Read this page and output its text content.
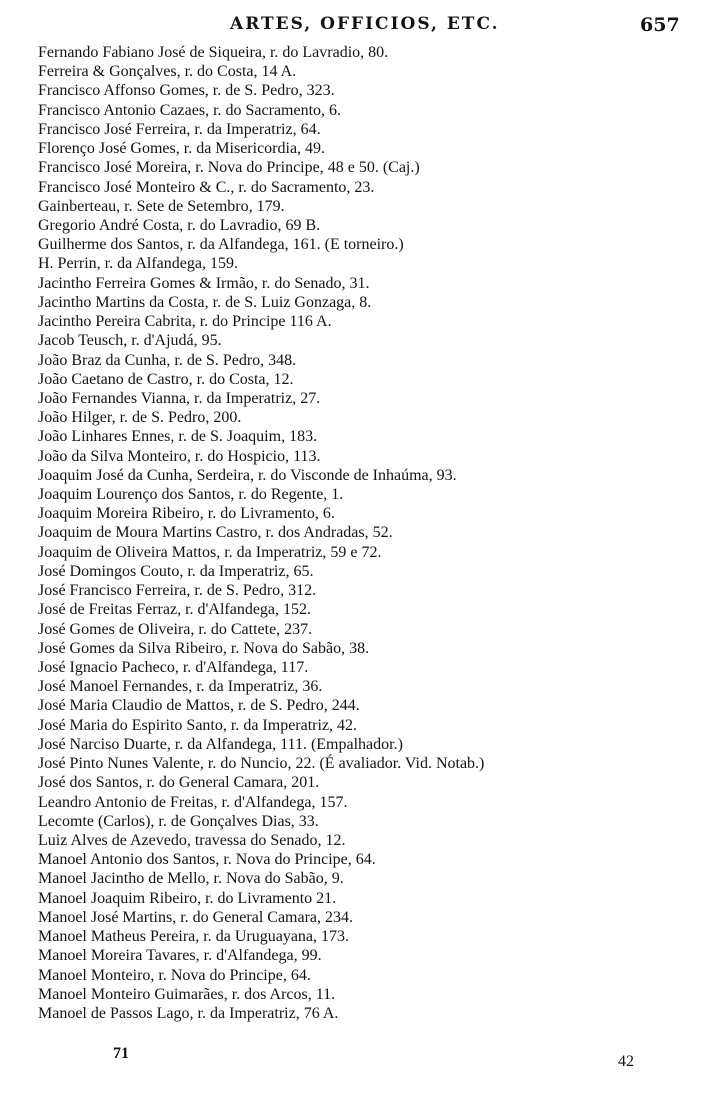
ARTES, OFFICIOS, ETC.	657
Fernando Fabiano José de Siqueira, r. do Lavradio, 80.
Ferreira & Gonçalves, r. do Costa, 14 A.
Francisco Affonso Gomes, r. de S. Pedro, 323.
Francisco Antonio Cazaes, r. do Sacramento, 6.
Francisco José Ferreira, r. da Imperatriz, 64.
Florenço José Gomes, r. da Misericordia, 49.
Francisco José Moreira, r. Nova do Principe, 48 e 50. (Caj.)
Francisco José Monteiro & C., r. do Sacramento, 23.
Gainberteau, r. Sete de Setembro, 179.
Gregorio André Costa, r. do Lavradio, 69 B.
Guilherme dos Santos, r. da Alfandega, 161. (E torneiro.)
H. Perrin, r. da Alfandega, 159.
Jacintho Ferreira Gomes & Irmão, r. do Senado, 31.
Jacintho Martins da Costa, r. de S. Luiz Gonzaga, 8.
Jacintho Pereira Cabrita, r. do Principe 116 A.
Jacob Teusch, r. d'Ajudá, 95.
João Braz da Cunha, r. de S. Pedro, 348.
João Caetano de Castro, r. do Costa, 12.
João Fernandes Vianna, r. da Imperatriz, 27.
João Hilger, r. de S. Pedro, 200.
João Linhares Ennes, r. de S. Joaquim, 183.
João da Silva Monteiro, r. do Hospicio, 113.
Joaquim José da Cunha, Serdeira, r. do Visconde de Inhaúma, 93.
Joaquim Lourenço dos Santos, r. do Regente, 1.
Joaquim Moreira Ribeiro, r. do Livramento, 6.
Joaquim de Moura Martins Castro, r. dos Andradas, 52.
Joaquim de Oliveira Mattos, r. da Imperatriz, 59 e 72.
José Domingos Couto, r. da Imperatriz, 65.
José Francisco Ferreira, r. de S. Pedro, 312.
José de Freitas Ferraz, r. d'Alfandega, 152.
José Gomes de Oliveira, r. do Cattete, 237.
José Gomes da Silva Ribeiro, r. Nova do Sabão, 38.
José Ignacio Pacheco, r. d'Alfandega, 117.
José Manoel Fernandes, r. da Imperatriz, 36.
José Maria Claudio de Mattos, r. de S. Pedro, 244.
José Maria do Espirito Santo, r. da Imperatriz, 42.
José Narciso Duarte, r. da Alfandega, 111. (Empalhador.)
José Pinto Nunes Valente, r. do Nuncio, 22. (É avaliador. Vid. Notab.)
José dos Santos, r. do General Camara, 201.
Leandro Antonio de Freitas, r. d'Alfandega, 157.
Lecomte (Carlos), r. de Gonçalves Dias, 33.
Luiz Alves de Azevedo, travessa do Senado, 12.
Manoel Antonio dos Santos, r. Nova do Principe, 64.
Manoel Jacintho de Mello, r. Nova do Sabão, 9.
Manoel Joaquim Ribeiro, r. do Livramento 21.
Manoel José Martins, r. do General Camara, 234.
Manoel Matheus Pereira, r. da Uruguayana, 173.
Manoel Moreira Tavares, r. d'Alfandega, 99.
Manoel Monteiro, r. Nova do Principe, 64.
Manoel Monteiro Guimarães, r. dos Arcos, 11.
Manoel de Passos Lago, r. da Imperatriz, 76 A.
71	42
